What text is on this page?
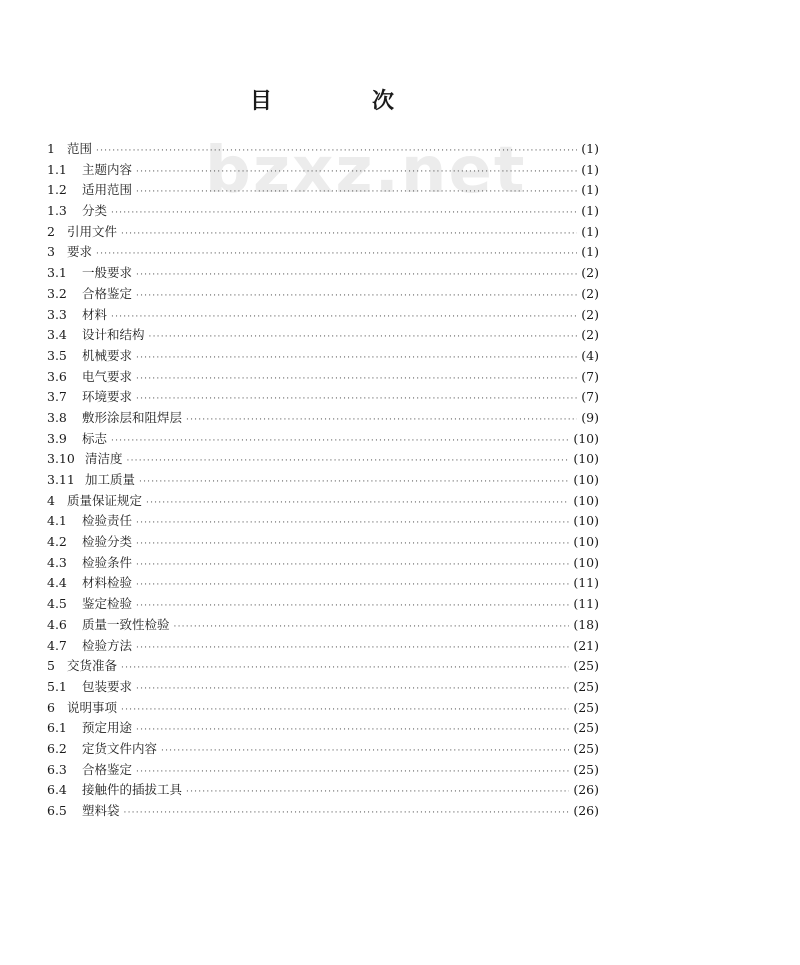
目	次
bzxz.net
1 范围 ·····	(1)
1.1	主题内容 ·····	(1)
1.2	适用范围 ·····	(1)
1.3	分类 ·····	(1)
2 引用文件 ·····	(1)
3 要求 ·····	(1)
3.1	一般要求 ·····	(2)
3.2	合格鉴定 ·····	(2)
3.3	材料 ·····	(2)
3.4	设计和结构 ·····	(2)
3.5	机械要求 ·····	(4)
3.6	电气要求 ·····	(7)
3.7	环境要求 ·····	(7)
3.8	敷形涂层和阻焊层 ·····	(9)
3.9	标志 ·····	(10)
3.10 清洁度 ·····	(10)
3.11 加工质量 ·····	(10)
4 质量保证规定 ·····	(10)
4.1	检验责任 ·····	(10)
4.2	检验分类 ·····	(10)
4.3	检验条件 ·····	(10)
4.4	材料检验 ·····	(11)
4.5	鉴定检验 ·····	(11)
4.6	质量一致性检验 ·····	(18)
4.7	检验方法 ·····	(21)
5 交货准备 ·····	(25)
5.1	包装要求 ·····	(25)
6 说明事项 ·····	(25)
6.1	预定用途 ·····	(25)
6.2	定货文件内容 ·····	(25)
6.3	合格鉴定 ·····	(25)
6.4	接触件的插拔工具 ·····	(26)
6.5	塑料袋 ·····	(26)
